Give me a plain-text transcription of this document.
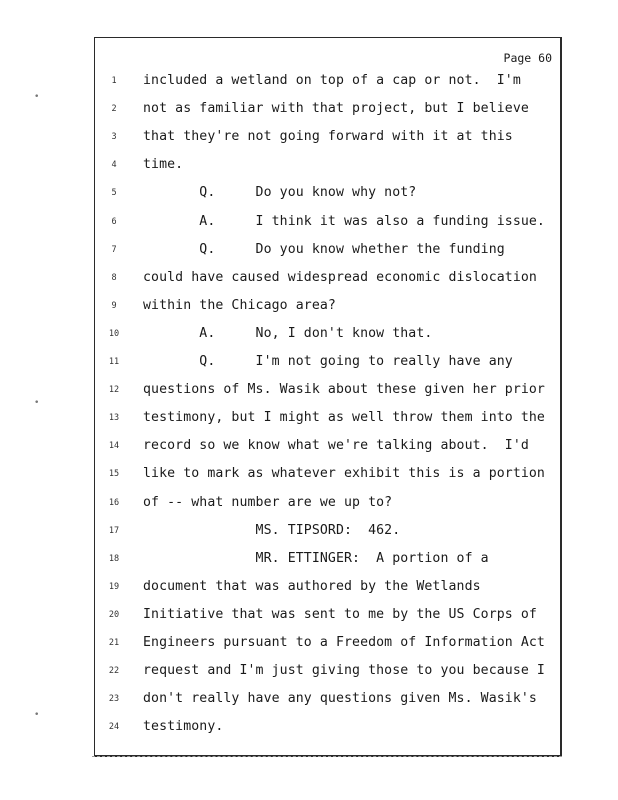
•
•
•
Page 60
1	included a wetland on top of a cap or not.  I'm
2	not as familiar with that project, but I believe
3	that they're not going forward with it at this
4	time.
5	Q.     Do you know why not?
6	A.     I think it was also a funding issue.
7	Q.     Do you know whether the funding
8	could have caused widespread economic dislocation
9	within the Chicago area?
10	A.     No, I don't know that.
11	Q.     I'm not going to really have any
12	questions of Ms. Wasik about these given her prior
13	testimony, but I might as well throw them into the
14	record so we know what we're talking about.  I'd
15	like to mark as whatever exhibit this is a portion
16	of -- what number are we up to?
17	MS. TIPSORD:  462.
18	MR. ETTINGER:  A portion of a
19	document that was authored by the Wetlands
20	Initiative that was sent to me by the US Corps of
21	Engineers pursuant to a Freedom of Information Act
22	request and I'm just giving those to you because I
23	don't really have any questions given Ms. Wasik's
24	testimony.
